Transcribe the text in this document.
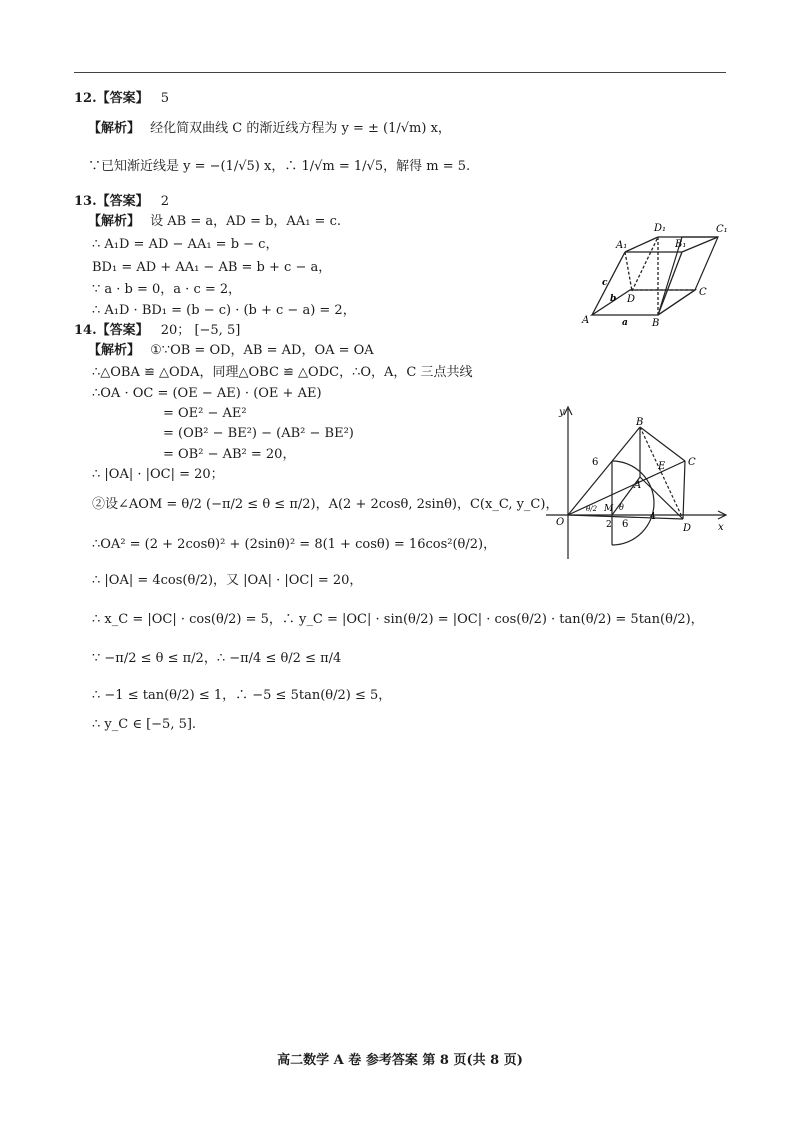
12.【答案】 5
【解析】 经化简双曲线 C 的渐近线方程为 y = ± (1/√m) x，
∵已知渐近线是 y = −(1/√5) x，∴ 1/√m = 1/√5，解得 m = 5.
13.【答案】 2
【解析】 设 AB = a，AD = b，AA₁ = c.
∴ A₁D = AD − AA₁ = b − c，
BD₁ = AD + AA₁ − AB = b + c − a，
∵ a · b = 0，a · c = 2，
∴ A₁D · BD₁ = (b − c) · (b + c − a) = 2，
A	B
C
D
A₁	B₁
C₁
D₁
a
b
c
14.【答案】 20； [−5, 5]
【解析】 ①∵OB = OD，AB = AD，OA = OA
∴△OBA ≌ △ODA，同理△OBC ≌ △ODC，∴O，A，C 三点共线
∴OA · OC = (OE − AE) · (OE + AE)
= OE² − AE²
= (OB² − BE²) − (AB² − BE²)
= OB² − AB² = 20，
∴ |OA| · |OC| = 20；
②设∠AOM = θ/2 (−π/2 ≤ θ ≤ π/2)，A(2 + 2cosθ, 2sinθ)，C(x_C, y_C)，
∴OA² = (2 + 2cosθ)² + (2sinθ)² = 8(1 + cosθ) = 16cos²(θ/2)，
∴ |OA| = 4cos(θ/2)，又 |OA| · |OC| = 20，
∴ x_C = |OC| · cos(θ/2) = 5，∴ y_C = |OC| · sin(θ/2) = |OC| · cos(θ/2) · tan(θ/2) = 5tan(θ/2)，
∵ −π/2 ≤ θ ≤ π/2，∴ −π/4 ≤ θ/2 ≤ π/4
∴ −1 ≤ tan(θ/2) ≤ 1，∴ −5 ≤ 5tan(θ/2) ≤ 5，
∴ y_C ∈ [−5, 5].
y
x
O
B
C
D
E
A
M θ
θ/2
6
6
2
4
高二数学 A 卷 参考答案 第 8 页(共 8 页)
